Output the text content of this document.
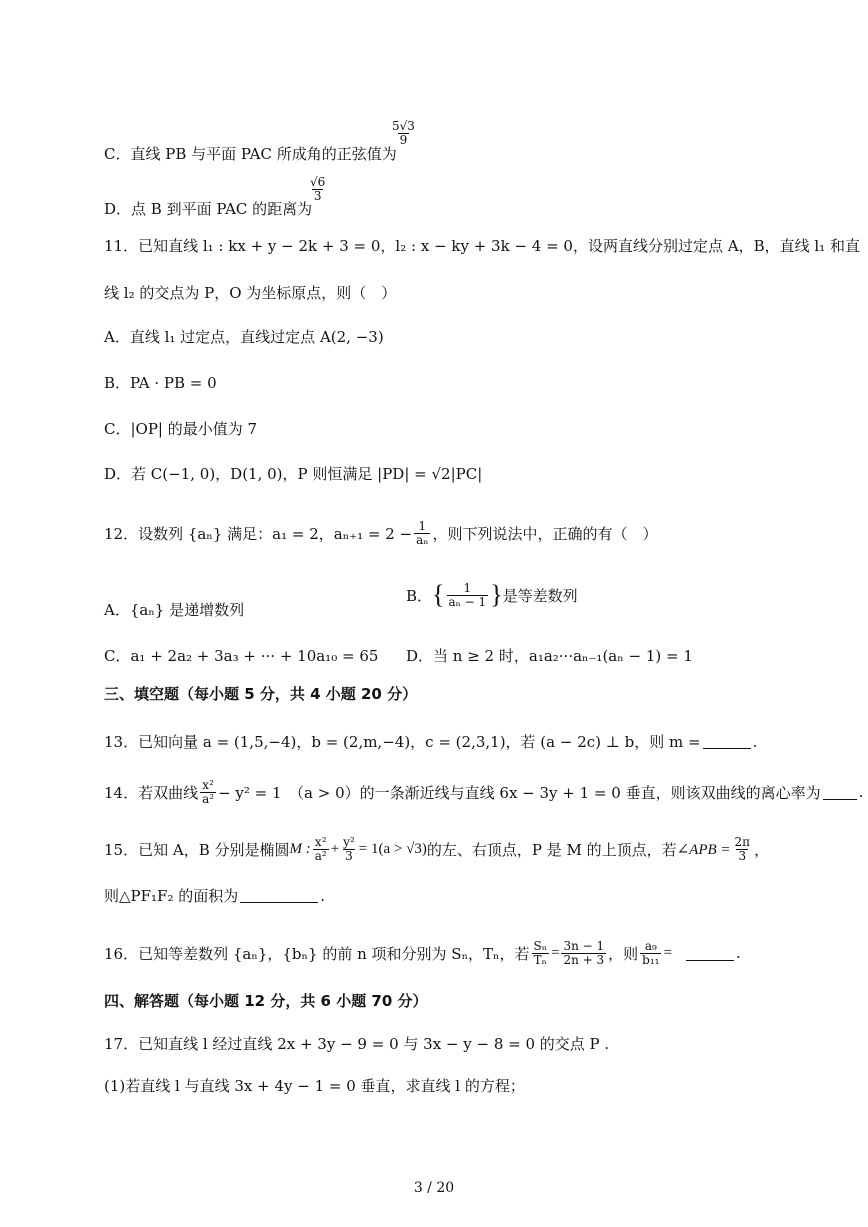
$\frac{5√3}{9}$
C．直线 PB 与平面 PAC 所成角的正弦值为
$\frac{√6}{3}$
D．点 B 到平面 PAC 的距离为
11．已知直线 l₁ : kx + y − 2k + 3 = 0，l₂ : x − ky + 3k − 4 = 0，设两直线分别过定点 A，B，直线 l₁ 和直
线 l₂ 的交点为 P，O 为坐标原点，则（　）
A．直线 l₁ 过定点，直线过定点 A(2, −3)
B．PA · PB = 0
C．|OP| 的最小值为 7
D．若 C(−1, 0)，D(1, 0)，P 则恒满足 |PD| = √2|PC|
12．设数列 {aₙ} 满足：a₁ = 2，$a_{n+1} = 2 - \frac{1}{\text{aₙ}}$ ，则下列说法中，正确的有（　）
A．{aₙ} 是递增数列
B． { $\frac{1}{\text{aₙ − 1}}$ } 是等差数列
C．a₁ + 2a₂ + 3a₃ + ··· + 10a₁₀ = 65 D．当 n ≥ 2 时，a₁a₂···aₙ₋₁(aₙ − 1) = 1
三、填空题（每小题 5 分，共 4 小题 20 分）
13．已知向量 a = (1,5,−4)，b = (2,m,−4)，c = (2,3,1)，若 (a − 2c) ⊥ b，则 m =	.
14．若双曲线 $\frac{\text{x²}}{\text{a²}} - y^2 = 1$　（a > 0）的一条渐近线与直线 6x − 3y + 1 = 0 垂直，则该双曲线的离心率为	.
15．已知 A，B 分别是椭圆 M : $\frac{\text{x²}}{\text{a²}} + \frac{\text{y²}}{3} = 1(a > √3)$ 的左、右顶点，P 是 M 的上顶点，若 ∠APB = $\frac{2\pi}{3}$ ，
则△PF₁F₂ 的面积为	.
16．已知等差数列 {aₙ}，{bₙ} 的前 n 项和分别为 Sₙ，Tₙ，若 $\frac{\text{Sₙ}}{\text{Tₙ}} = \frac{3n - 1}{2n + 3}$ ，则 $\frac{\text{a₉}}{\text{b₁₁}}$ =	.
四、解答题（每小题 12 分，共 6 小题 70 分）
17．已知直线 l 经过直线 2x + 3y − 9 = 0 与 3x − y − 8 = 0 的交点 P .
(1)若直线 l 与直线 3x + 4y − 1 = 0 垂直，求直线 l 的方程；
3 / 20
